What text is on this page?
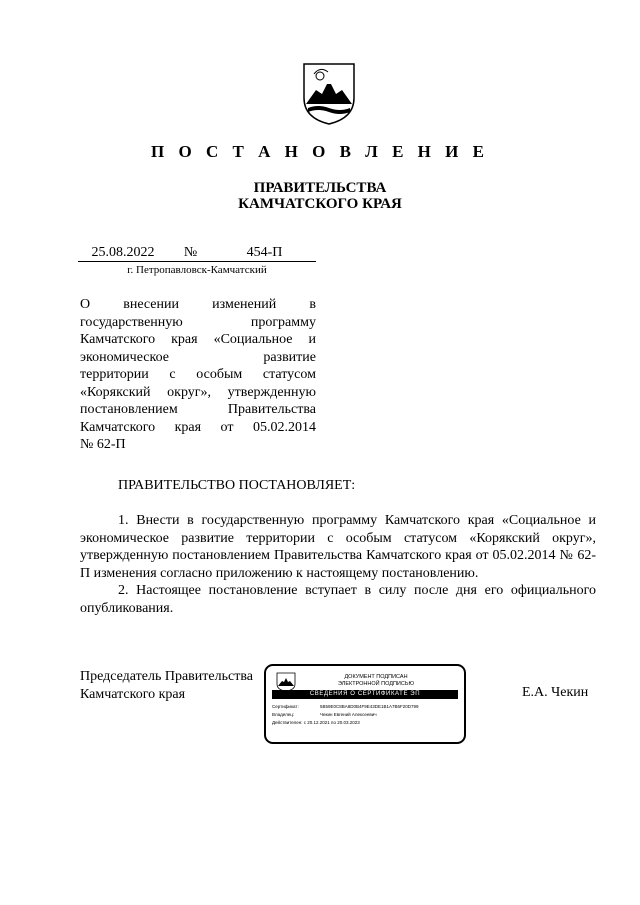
П О С Т А Н О В Л Е Н И Е
ПРАВИТЕЛЬСТВА
КАМЧАТСКОГО КРАЯ
25.08.2022	№	454-П
г. Петропавловск-Камчатский
О внесении изменений в
государственную программу
Камчатского края «Социальное и
экономическое развитие
территории с особым статусом
«Корякский округ», утвержденную
постановлением Правительства
Камчатского края от 05.02.2014
№ 62-П
ПРАВИТЕЛЬСТВО ПОСТАНОВЛЯЕТ:

1. Внести в государственную программу Камчатского края «Социальное и экономическое развитие территории с особым статусом «Корякский округ», утвержденную постановлением Правительства Камчатского края от 05.02.2014 № 62-П изменения согласно приложению к настоящему постановлению.

2. Настоящее постановление вступает в силу после дня его официального опубликования.

Председатель Правительства
Камчатского края
ДОКУМЕНТ ПОДПИСАН
ЭЛЕКТРОННОЙ ПОДПИСЬЮ
СВЕДЕНИЯ О СЕРТИФИКАТЕ ЭП
Сертификат:	5B59E0C8BA8D0B4F9E43DE1B1A7B6F20D799
Владелец:	Чекин Евгений Алексеевич
Действителен: с 20.12.2021 по 20.03.2023
Е.А. Чекин
